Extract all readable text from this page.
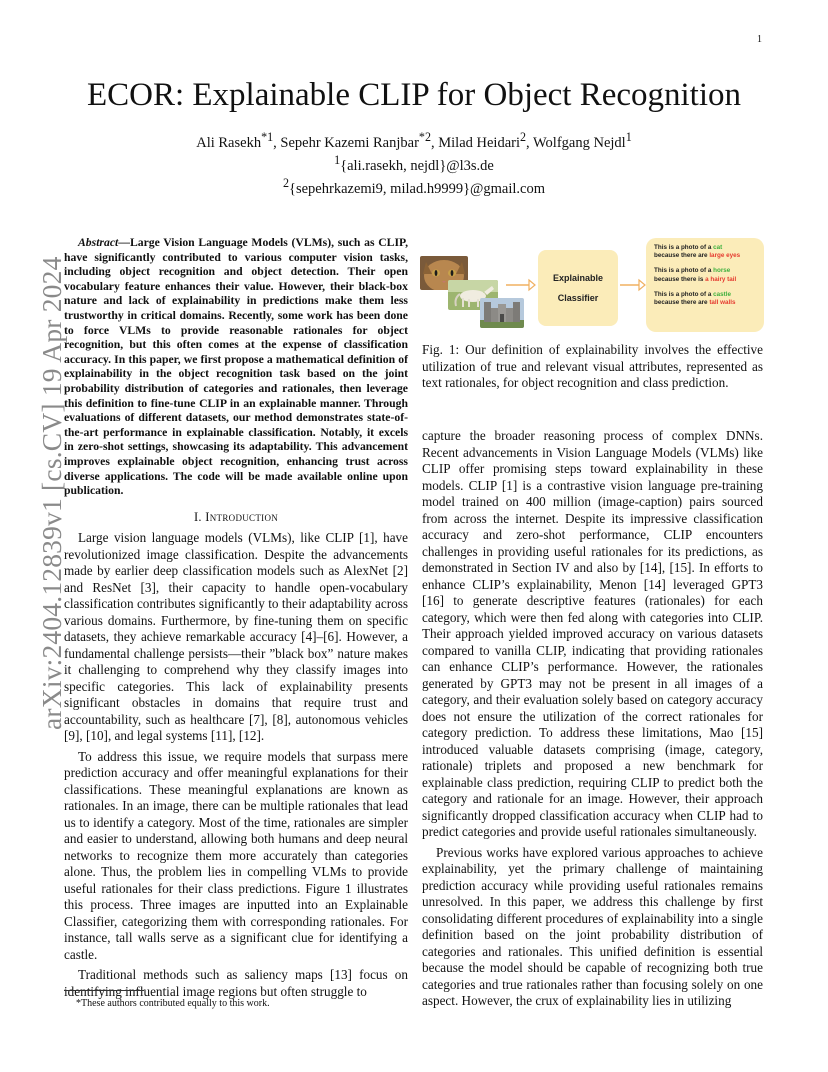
1
arXiv:2404.12839v1 [cs.CV] 19 Apr 2024
ECOR: Explainable CLIP for Object Recognition
Ali Rasekh$^{*1}$, Sepehr Kazemi Ranjbar$^{*2}$, Milad Heidari$^2$, Wolfgang Nejdl$^1$
$^1${ali.rasekh, nejdl}@l3s.de
$^2${sepehrkazemi9, milad.h9999}@gmail.com

Abstract—Large Vision Language Models (VLMs), such as CLIP, have significantly contributed to various computer vision tasks, including object recognition and object detection. Their open vocabulary feature enhances their value. However, their black-box nature and lack of explainability in predictions make them less trustworthy in critical domains. Recently, some work has been done to force VLMs to provide reasonable rationales for object recognition, but this often comes at the expense of classification accuracy. In this paper, we first propose a mathematical definition of explainability in the object recognition task based on the joint probability distribution of categories and rationales, then leverage this definition to fine-tune CLIP in an explainable manner. Through evaluations of different datasets, our method demonstrates state-of-the-art performance in explainable classification. Notably, it excels in zero-shot settings, showcasing its adaptability. This advancement improves explainable object recognition, enhancing trust across diverse applications. The code will be made available online upon publication.

I. Introduction

Large vision language models (VLMs), like CLIP [1], have revolutionized image classification. Despite the advancements made by earlier deep classification models such as AlexNet [2] and ResNet [3], their capacity to handle open-vocabulary classification contributes significantly to their adaptability across various domains. Furthermore, by fine-tuning them on specific datasets, they achieve remarkable accuracy [4]–[6]. However, a fundamental challenge persists—their ”black box” nature makes it challenging to comprehend why they classify images into specific categories. This lack of explainability presents significant obstacles in domains that require trust and accountability, such as healthcare [7], [8], autonomous vehicles [9], [10], and legal systems [11], [12].

To address this issue, we require models that surpass mere prediction accuracy and offer meaningful explanations for their classifications. These meaningful explanations are known as rationales. In an image, there can be multiple rationales that lead us to identify a category. Most of the time, rationales are simpler and easier to understand, allowing both humans and deep neural networks to recognize them more accurately than categories alone. Thus, the problem lies in compelling VLMs to provide useful rationales for their class predictions. Figure 1 illustrates this process. Three images are inputted into an Explainable Classifier, categorizing them with corresponding rationales. For instance, tall walls serve as a significant clue for identifying a castle.

Traditional methods such as saliency maps [13] focus on identifying influential image regions but often struggle to

Explainable
Classifier
This is a photo of a cat
because there are large eyes
This is a photo of a horse
because there is a hairy tail
This is a photo of a castle
because there are tall walls
Fig. 1: Our definition of explainability involves the effective utilization of true and relevant visual attributes, represented as text rationales, for object recognition and class prediction.

capture the broader reasoning process of complex DNNs. Recent advancements in Vision Language Models (VLMs) like CLIP offer promising steps toward explainability in these models. CLIP [1] is a contrastive vision language pre-training model trained on 400 million (image-caption) pairs sourced from across the internet. Despite its impressive classification accuracy and zero-shot performance, CLIP encounters challenges in providing useful rationales for its predictions, as demonstrated in Section IV and also by [14], [15]. In efforts to enhance CLIP’s explainability, Menon [14] leveraged GPT3 [16] to generate descriptive features (rationales) for each category, which were then fed along with categories into CLIP. Their approach yielded improved accuracy on various datasets compared to vanilla CLIP, indicating that providing rationales can enhance CLIP’s performance. However, the rationales generated by GPT3 may not be present in all images of a category, and their evaluation solely based on category accuracy does not ensure the utilization of the correct rationales for category prediction. To address these limitations, Mao [15] introduced valuable datasets comprising (image, category, rationale) triplets and proposed a new benchmark for explainable class prediction, requiring CLIP to predict both the category and rationale for an image. However, their approach significantly dropped classification accuracy when CLIP had to predict categories and provide useful rationales simultaneously.

Previous works have explored various approaches to achieve explainability, yet the primary challenge of maintaining prediction accuracy while providing useful rationales remains unresolved. In this paper, we address this challenge by first consolidating different procedures of explainability into a single definition based on the joint probability distribution of categories and rationales. This unified definition is essential because the model should be capable of recognizing both true categories and true rationales rather than focusing solely on one aspect. However, the crux of explainability lies in utilizing

*These authors contributed equally to this work.
